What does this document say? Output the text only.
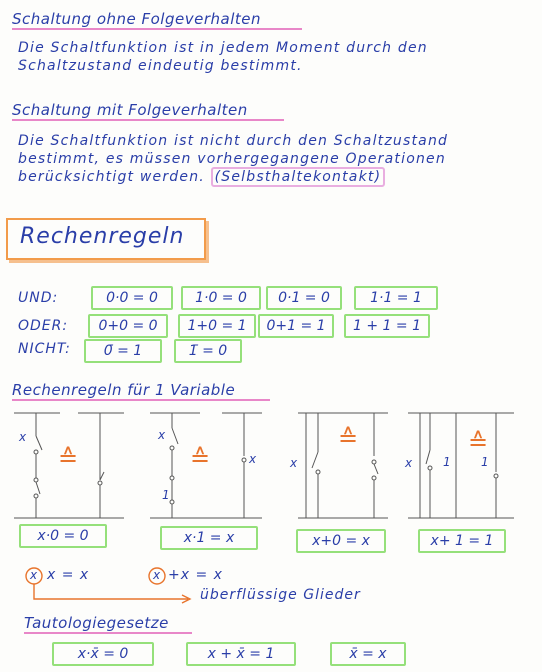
Schaltung ohne Folgeverhalten
Die Schaltfunktion ist in jedem Moment durch den
Schaltzustand eindeutig bestimmt.
Schaltung mit Folgeverhalten
Die Schaltfunktion ist nicht durch den Schaltzustand
bestimmt, es müssen vorhergegangene Operationen
berücksichtigt werden. (Selbsthaltekontakt)
Rechenregeln
UND:
ODER:
NICHT:
0·0 = 0	1·0 = 0	0·1 = 0	1·1 = 1
0+0 = 0	1+0 = 1	0+1 = 1	1 + 1 = 1
0̄ = 1	1̄ = 0
Rechenregeln für 1 Variable
x	x
x
1
x	x	1	1
≙	≙
≙	≙
x·0 = 0	x·1 = x	x+0 = x	x+ 1 = 1
x x = x	x +x = x
überflüssige Glieder
Tautologiegesetze
x·x̄ = 0	x + x̄ = 1	x̄̄ = x
